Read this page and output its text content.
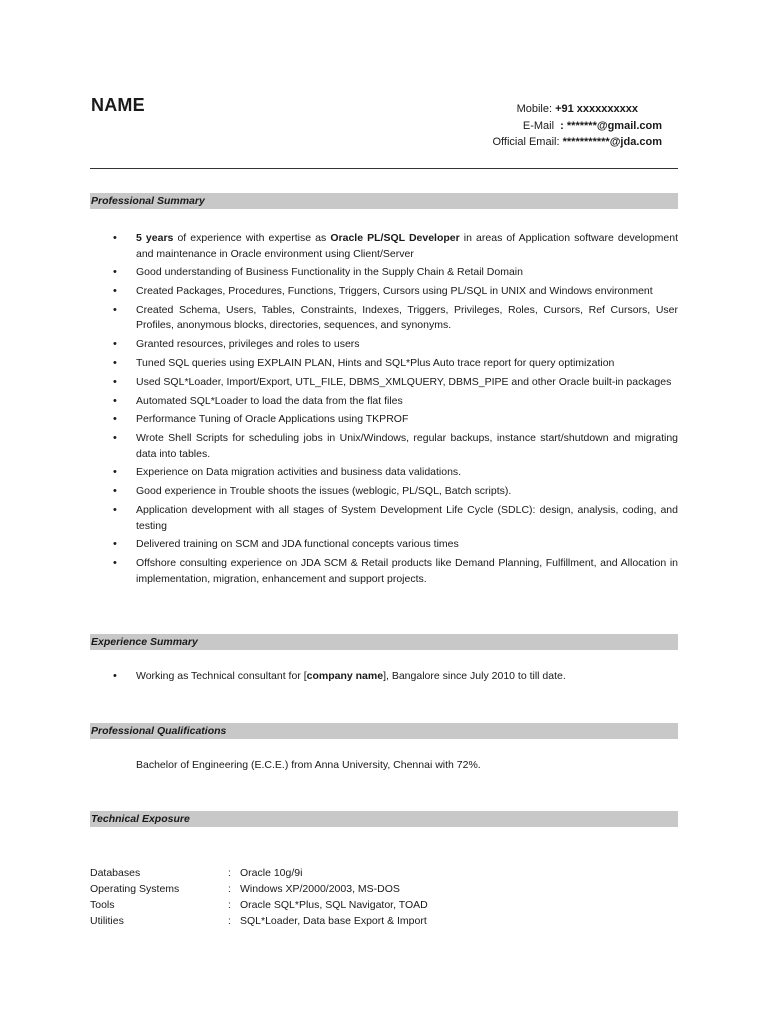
NAME	Mobile: +91 xxxxxxxxxx
E-Mail : *******@gmail.com
Official Email: ***********@jda.com
Professional Summary
• 5 years of experience with expertise as Oracle PL/SQL Developer in areas of Application software development and maintenance in Oracle environment using Client/Server
• Good understanding of Business Functionality in the Supply Chain & Retail Domain
• Created Packages, Procedures, Functions, Triggers, Cursors using PL/SQL in UNIX and Windows environment
• Created Schema, Users, Tables, Constraints, Indexes, Triggers, Privileges, Roles, Cursors, Ref Cursors, User Profiles, anonymous blocks, directories, sequences, and synonyms.
• Granted resources, privileges and roles to users
• Tuned SQL queries using EXPLAIN PLAN, Hints and SQL*Plus Auto trace report for query optimization
• Used SQL*Loader, Import/Export, UTL_FILE, DBMS_XMLQUERY, DBMS_PIPE and other Oracle built-in packages
• Automated SQL*Loader to load the data from the flat files
• Performance Tuning of Oracle Applications using TKPROF
• Wrote Shell Scripts for scheduling jobs in Unix/Windows, regular backups, instance start/shutdown and migrating data into tables.
• Experience on Data migration activities and business data validations.
• Good experience in Trouble shoots the issues (weblogic, PL/SQL, Batch scripts).
• Application development with all stages of System Development Life Cycle (SDLC): design, analysis, coding, and testing
• Delivered training on SCM and JDA functional concepts various times
• Offshore consulting experience on JDA SCM & Retail products like Demand Planning, Fulfillment, and Allocation in implementation, migration, enhancement and support projects.
Experience Summary
• Working as Technical consultant for [company name], Bangalore since July 2010 to till date.
Professional Qualifications
Bachelor of Engineering (E.C.E.) from Anna University, Chennai with 72%.
Technical Exposure
Databases	: Oracle 10g/9i
Operating Systems	: Windows XP/2000/2003, MS-DOS
Tools	: Oracle SQL*Plus, SQL Navigator, TOAD
Utilities	: SQL*Loader, Data base Export & Import
